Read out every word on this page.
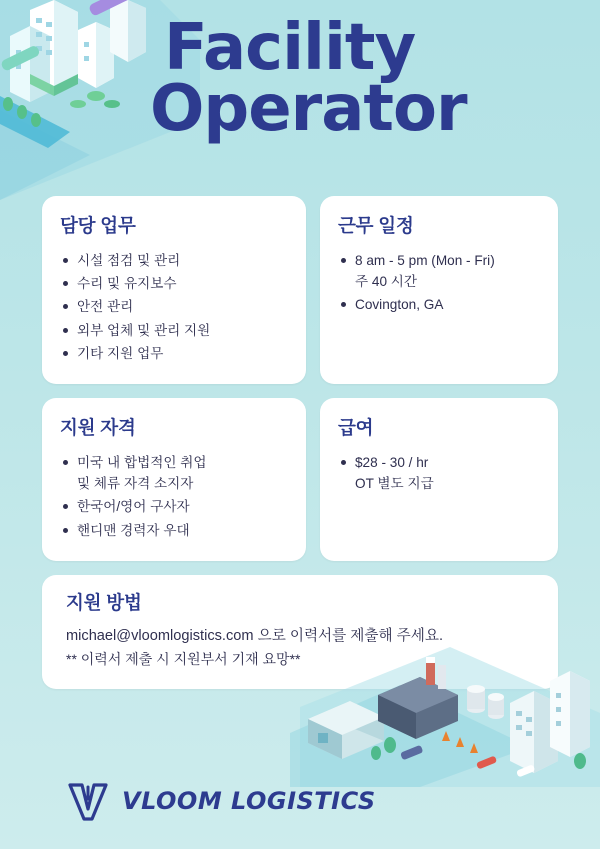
Facility
Operator
담당 업무
시설 점검 및 관리
수리 및 유지보수
안전 관리
외부 업체 및 관리 지원
기타 지원 업무
근무 일정
8 am - 5 pm (Mon - Fri)
주 40 시간
Covington, GA
지원 자격
미국 내 합법적인 취업
및 체류 자격 소지자
한국어/영어 구사자
핸디맨 경력자 우대
급여
$28 - 30 / hr
OT 별도 지급
지원 방법
michael@vloomlogistics.com 으로 이력서를 제출해 주세요.
** 이력서 제출 시 지원부서 기재 요망**
VLOOM LOGISTICS
